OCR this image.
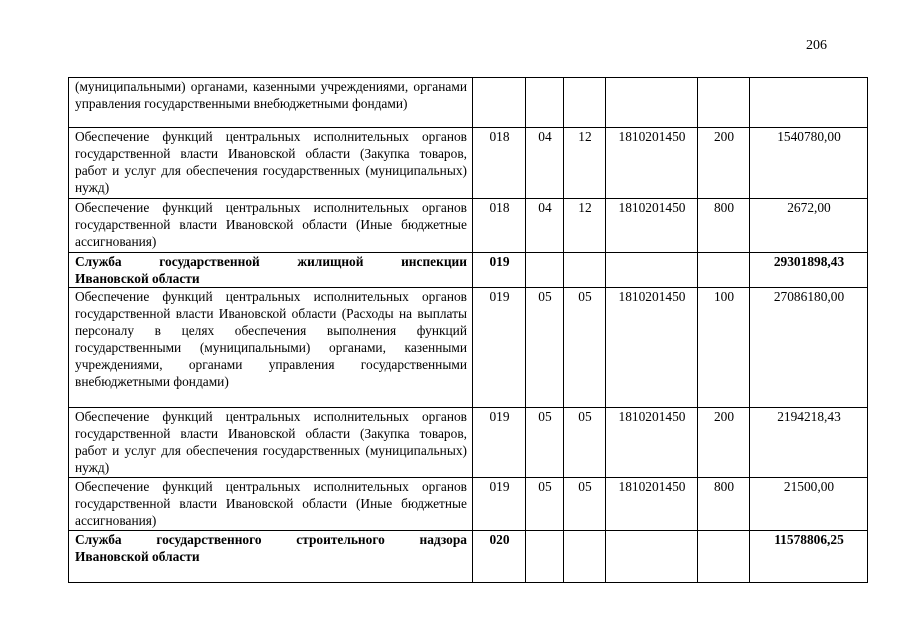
206
(муниципальными) органами, казенными учреждениями, органами управления государственными внебюджетными фондами)						
Обеспечение функций центральных исполнительных органов государственной власти Ивановской области (Закупка товаров, работ и услуг для обеспечения государственных (муниципальных) нужд)	018	04	12	1810201450	200	1540780,00
Обеспечение функций центральных исполнительных органов государственной власти Ивановской области (Иные бюджетные ассигнования)	018	04	12	1810201450	800	2672,00
Служба государственной жилищной инспекции
Ивановской области	019					29301898,43
Обеспечение функций центральных исполнительных органов государственной власти Ивановской области (Расходы на выплаты персоналу в целях обеспечения выполнения функций государственными (муниципальными) органами, казенными учреждениями, органами управления государственными внебюджетными фондами)	019	05	05	1810201450	100	27086180,00
Обеспечение функций центральных исполнительных органов государственной власти Ивановской области (Закупка товаров, работ и услуг для обеспечения государственных (муниципальных) нужд)	019	05	05	1810201450	200	2194218,43
Обеспечение функций центральных исполнительных органов государственной власти Ивановской области (Иные бюджетные ассигнования)	019	05	05	1810201450	800	21500,00
Служба государственного строительного надзора
Ивановской области	020					11578806,25
